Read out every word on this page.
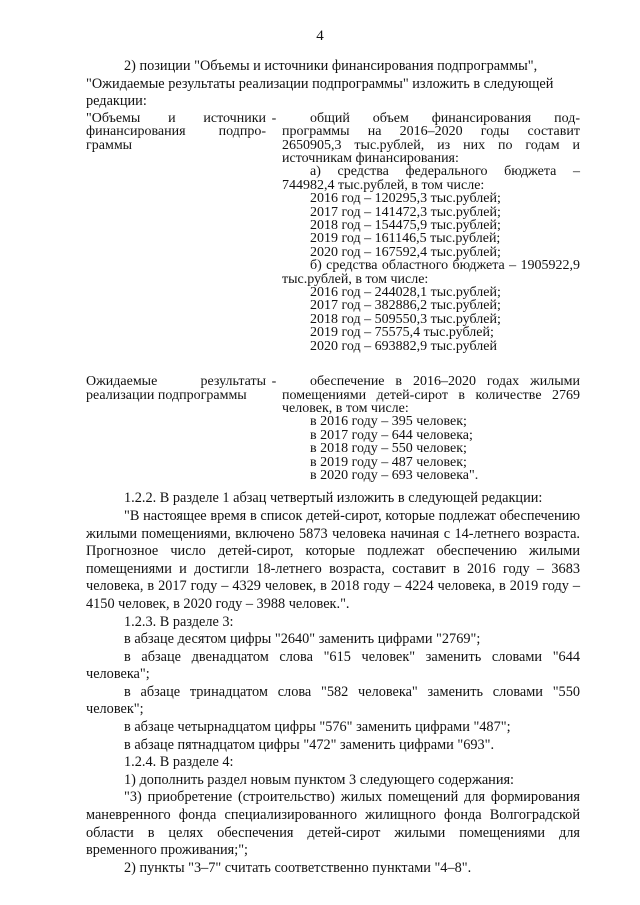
4
2) позиции "Объемы и источники финансирования подпрограммы",
"Ожидаемые результаты реализации подпрограммы" изложить в следующей
редакции:
"Объемы и источники финансирования подпро-граммы
-	общий объем финансирования под-программы на 2016–2020 годы составит 2650905,3 тыс.рублей, из них по годам и источникам финансирования:
а) средства федерального бюджета – 744982,4 тыс.рублей, в том числе:
2016 год – 120295,3 тыс.рублей;
2017 год – 141472,3 тыс.рублей;
2018 год – 154475,9 тыс.рублей;
2019 год – 161146,5 тыс.рублей;
2020 год – 167592,4 тыс.рублей;
б) средства областного бюджета – 1905922,9 тыс.рублей, в том числе:
2016 год – 244028,1 тыс.рублей;
2017 год – 382886,2 тыс.рублей;
2018 год – 509550,3 тыс.рублей;
2019 год – 75575,4 тыс.рублей;
2020 год – 693882,9 тыс.рублей
Ожидаемые результаты реализации подпрограммы
-	обеспечение в 2016–2020 годах жилыми помещениями детей-сирот в количестве 2769 человек, в том числе:
в 2016 году – 395 человек;
в 2017 году – 644 человека;
в 2018 году – 550 человек;
в 2019 году – 487 человек;
в 2020 году – 693 человека".
1.2.2. В разделе 1 абзац четвертый изложить в следующей редакции:
"В настоящее время в список детей-сирот, которые подлежат обеспечению жилыми помещениями, включено 5873 человека начиная с 14-летнего возраста. Прогнозное число детей-сирот, которые подлежат обеспечению жилыми помещениями и достигли 18-летнего возраста, составит в 2016 году – 3683 человека, в 2017 году – 4329 человек, в 2018 году – 4224 человека, в 2019 году – 4150 человек, в 2020 году – 3988 человек.".
1.2.3. В разделе 3:
в абзаце десятом цифры "2640" заменить цифрами "2769";
в абзаце двенадцатом слова "615 человек" заменить словами "644 человека";
в абзаце тринадцатом слова "582 человека" заменить словами "550 человек";
в абзаце четырнадцатом цифры "576" заменить цифрами "487";
в абзаце пятнадцатом цифры "472" заменить цифрами "693".
1.2.4. В разделе 4:
1) дополнить раздел новым пунктом 3 следующего содержания:
"3) приобретение (строительство) жилых помещений для формирования маневренного фонда специализированного жилищного фонда Волгоградской области в целях обеспечения детей-сирот жилыми помещениями для временного проживания;";
2) пункты "3–7" считать соответственно пунктами "4–8".
